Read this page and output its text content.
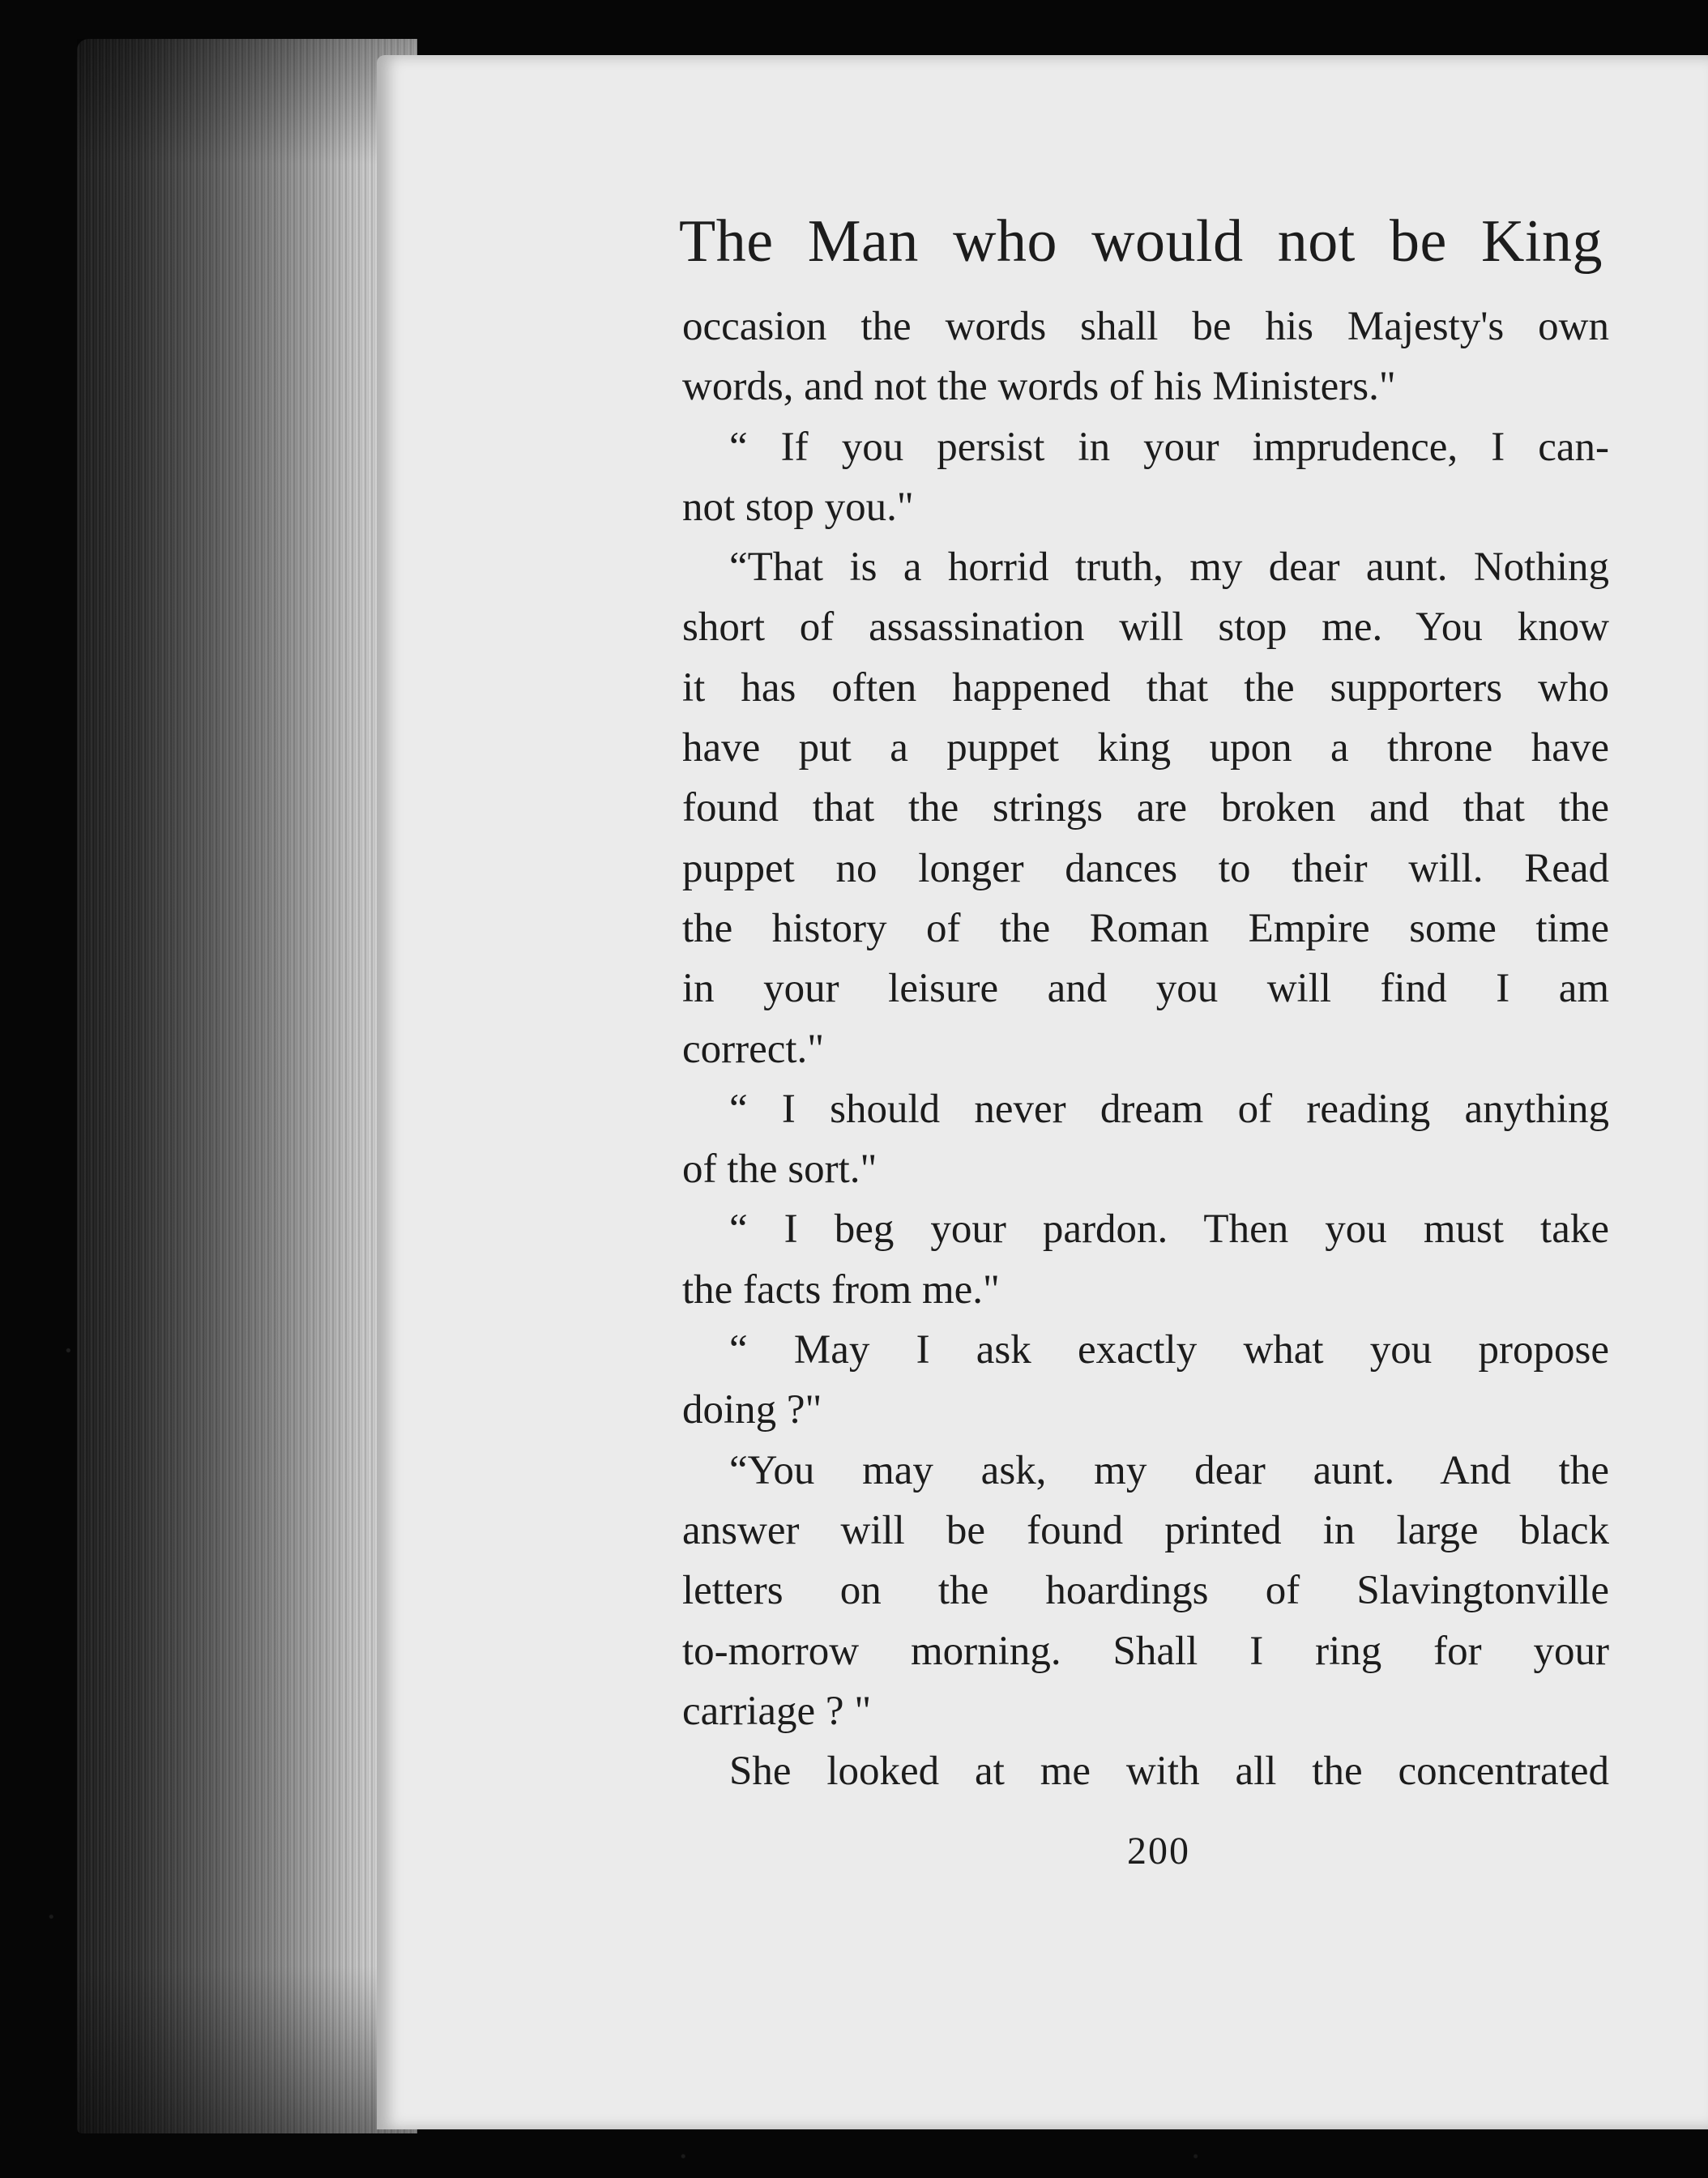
The Man who would not be King
occasion the words shall be his Majesty's own
words, and not the words of his Ministers."
“ If you persist in your imprudence, I can-
not stop you."
“That is a horrid truth, my dear aunt. Nothing
short of assassination will stop me. You know
it has often happened that the supporters who
have put a puppet king upon a throne have
found that the strings are broken and that the
puppet no longer dances to their will. Read
the history of the Roman Empire some time
in your leisure and you will find I am
correct."
“ I should never dream of reading anything
of the sort."
“ I beg your pardon. Then you must take
the facts from me."
“ May I ask exactly what you propose
doing ?"
“You may ask, my dear aunt. And the
answer will be found printed in large black
letters on the hoardings of Slavingtonville
to-morrow morning. Shall I ring for your
carriage ? "
She looked at me with all the concentrated
200
